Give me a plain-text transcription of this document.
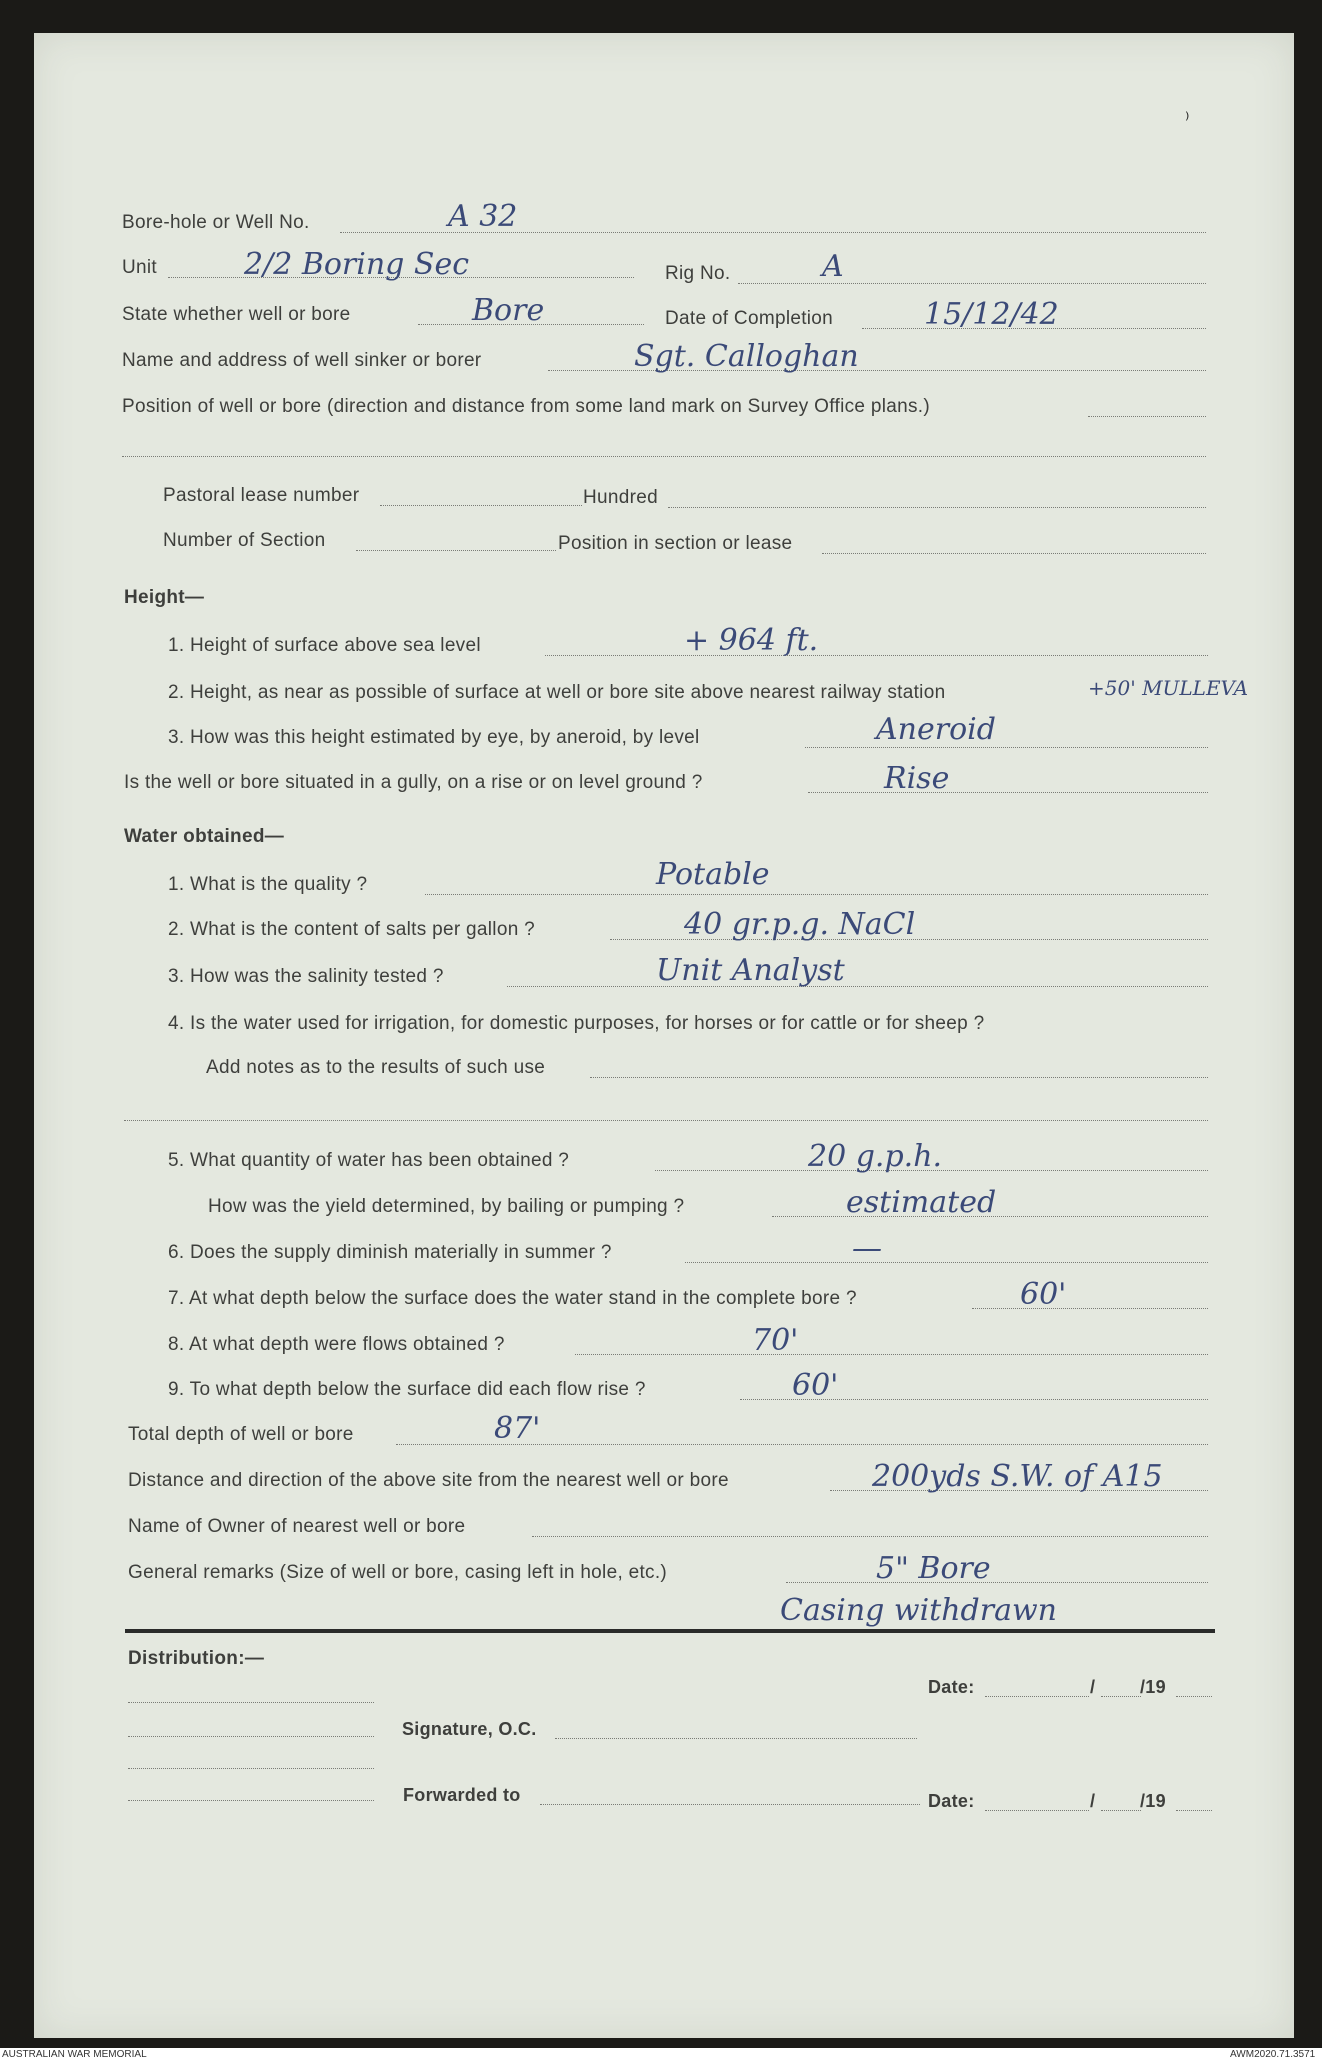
⁾
Bore-hole or Well No.	A 32
Unit	2/2 Boring Sec	Rig No.	A
State whether well or bore	Bore	Date of Completion	15/12/42
Name and address of well sinker or borer	Sgt. Calloghan
Position of well or bore (direction and distance from some land mark on Survey Office plans.)
Pastoral lease number	Hundred
Number of Section	Position in section or lease
Height—
1. Height of surface above sea level	+ 964 ft.
2. Height, as near as possible of surface at well or bore site above nearest railway station	+50' MULLEVA
3. How was this height estimated by eye, by aneroid, by level	Aneroid
Is the well or bore situated in a gully, on a rise or on level ground ?	Rise
Water obtained—
1. What is the quality ?	Potable
2. What is the content of salts per gallon ?	40 gr.p.g. NaCl
3. How was the salinity tested ?	Unit Analyst
4. Is the water used for irrigation, for domestic purposes, for horses or for cattle or for sheep ?
Add notes as to the results of such use
5. What quantity of water has been obtained ?	20 g.p.h.
How was the yield determined, by bailing or pumping ?	estimated
6. Does the supply diminish materially in summer ?	—
7. At what depth below the surface does the water stand in the complete bore ?	60'
8. At what depth were flows obtained ?	70'
9. To what depth below the surface did each flow rise ?	60'
Total depth of well or bore	87'
Distance and direction of the above site from the nearest well or bore	200yds S.W. of A15
Name of Owner of nearest well or bore
General remarks (Size of well or bore, casing left in hole, etc.)	5" Bore
Casing withdrawn
Distribution:—
Date:	/ /19
Signature, O.C.
Forwarded to	Date:	/ /19
AUSTRALIAN WAR MEMORIAL	AWM2020.71.3571
